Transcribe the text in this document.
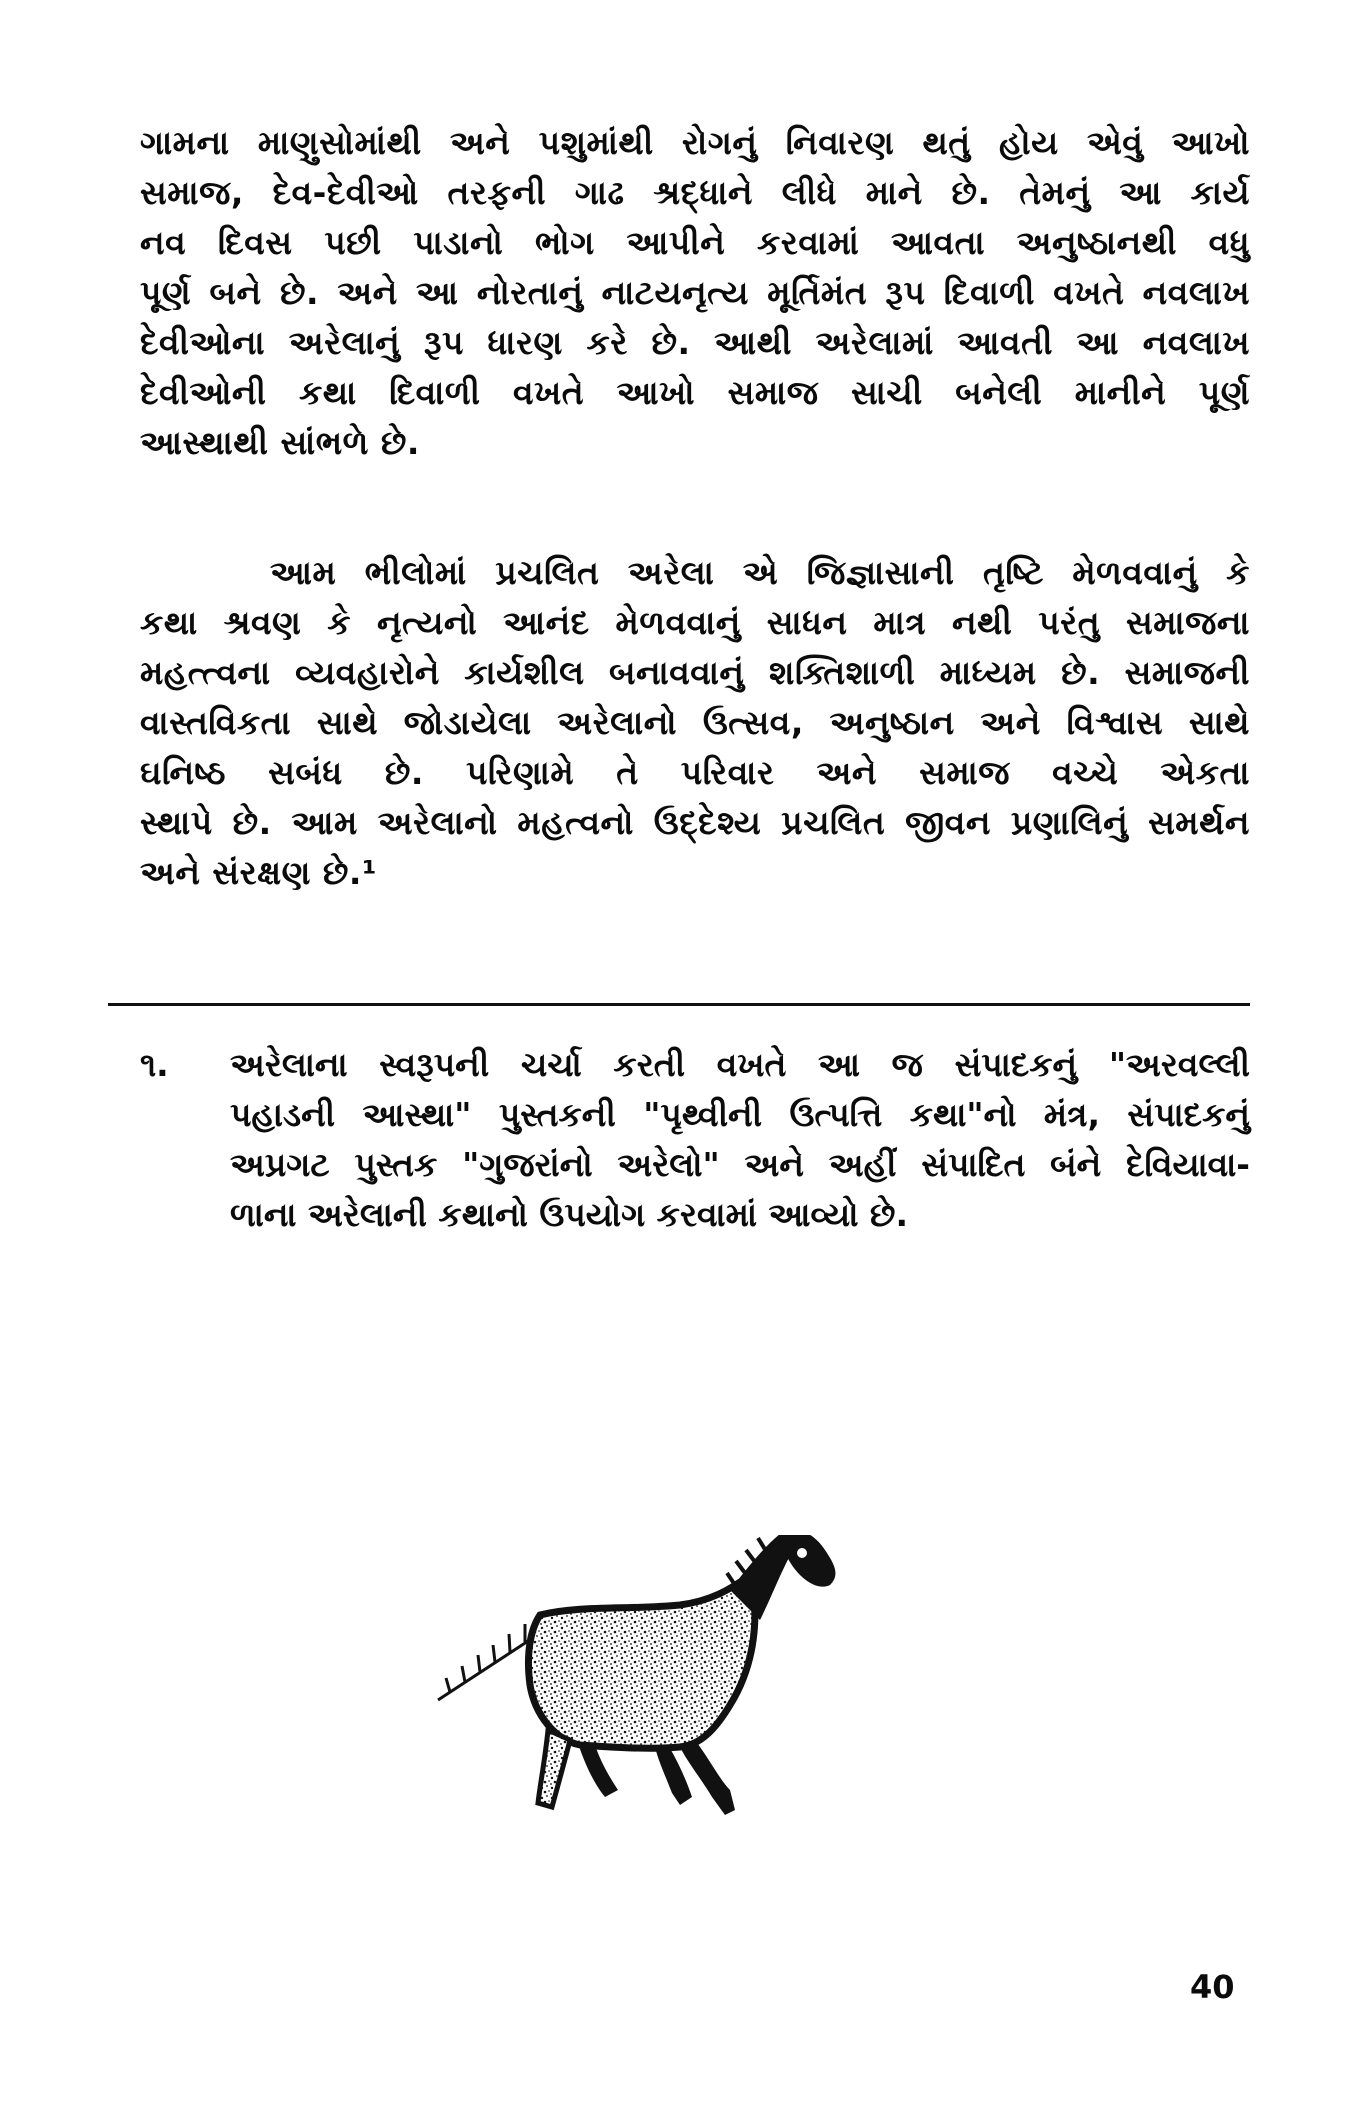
ગામના માણુસોમાંથી અને પશુમાંથી રોગનું નિવારણ થતું હોય એવું આખો
સમાજ, દેવ-દેવીઓ તરફની ગાઢ શ્રદ્ધાને લીધે માને છે. તેમનું આ કાર્ય
નવ દિવસ પછી પાડાનો ભોગ આપીને કરવામાં આવતા અનુષ્ઠાનથી વધુ
પૂર્ણ બને છે. અને આ નોરતાનું નાટયનૃત્ય મૂર્તિમંત રૂપ દિવાળી વખતે નવલાખ
દેવીઓના અરેલાનું રૂપ ધારણ કરે છે. આથી અરેલામાં આવતી આ નવલાખ
દેવીઓની કથા દિવાળી વખતે આખો સમાજ સાચી બનેલી માનીને પૂર્ણ
આસ્થાથી સાંભળે છે.
આમ ભીલોમાં પ્રચલિત અરેલા એ જિજ્ઞાસાની તૃષ્ટિ મેળવવાનું કે
કથા શ્રવણ કે નૃત્યનો આનંદ મેળવવાનું સાધન માત્ર નથી પરંતુ સમાજના
મહત્ત્વના વ્યવહારોને કાર્યશીલ બનાવવાનું શક્તિશાળી માધ્યમ છે. સમાજની
વાસ્તવિકતા સાથે જોડાયેલા અરેલાનો ઉત્સવ, અનુષ્ઠાન અને વિશ્વાસ સાથે
ઘનિષ્ઠ સબંધ છે. પરિણામે તે પરિવાર અને સમાજ વચ્ચે એકતા
સ્થાપે છે. આમ અરેલાનો મહત્વનો ઉદ્દેશ્ય પ્રચલિત જીવન પ્રણાલિનું સમર્થન
અને સંરક્ષણ છે.¹
૧. અરેલાના સ્વરૂપની ચર્ચા કરતી વખતે આ જ સંપાદકનું "અરવલ્લી
પહાડની આસ્થા" પુસ્તકની "પૃથ્વીની ઉત્પત્તિ કથા"નો મંત્ર, સંપાદકનું
અપ્રગટ પુસ્તક "ગુજરાંનો અરેલો" અને અહીં સંપાદિત બંને દેવિયાવા-
ળાના અરેલાની કથાનો ઉપયોગ કરવામાં આવ્યો છે.
40
